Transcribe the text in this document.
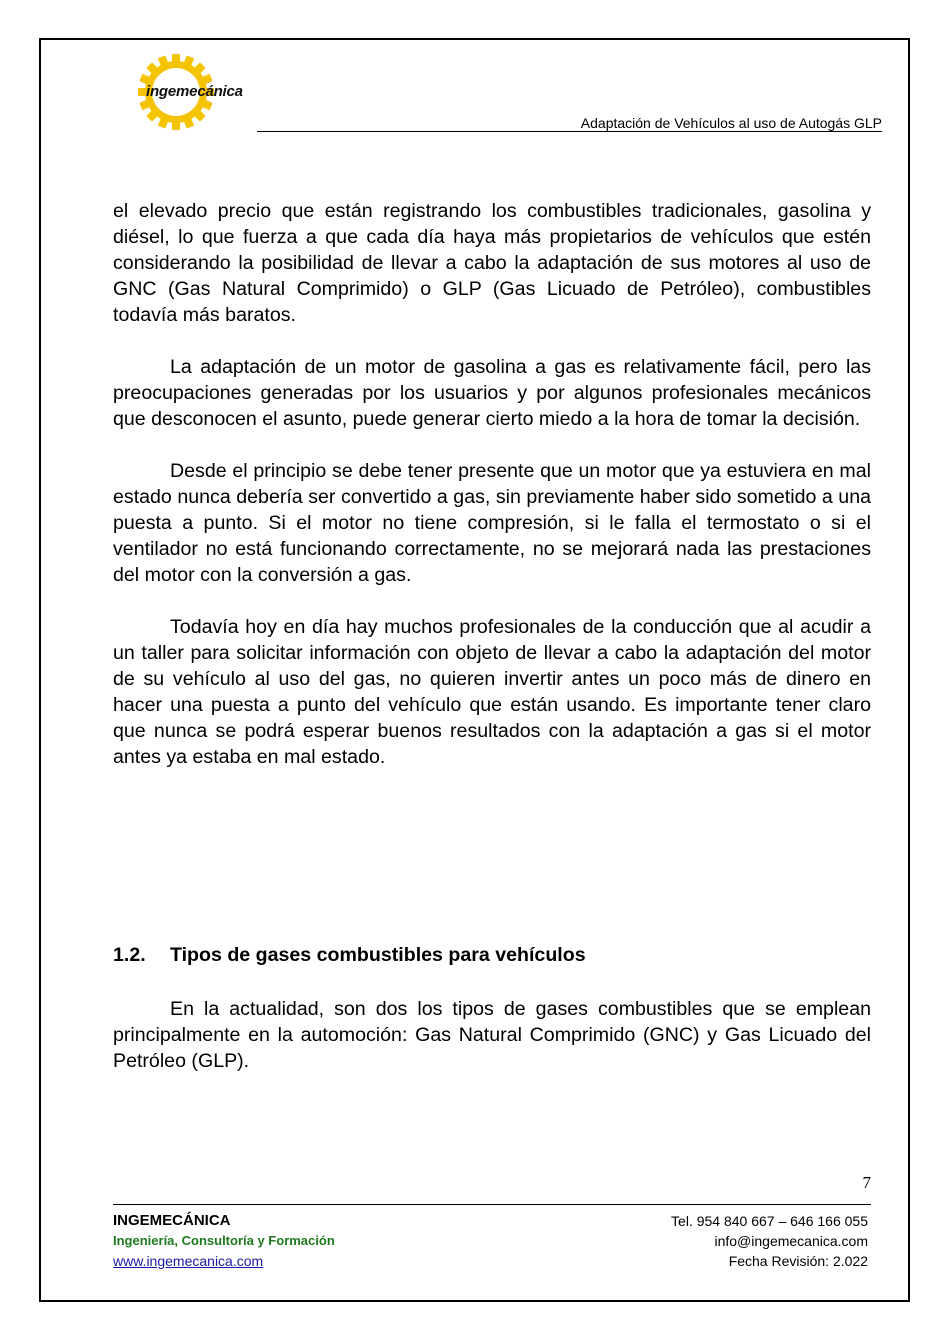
ingemecánica
Adaptación de Vehículos al uso de Autogás GLP

el elevado precio que están registrando los combustibles tradicionales, gasolina y diésel, lo que fuerza a que cada día haya más propietarios de vehículos que estén considerando la posibilidad de llevar a cabo la adaptación de sus motores al uso de GNC (Gas Natural Comprimido) o GLP (Gas Licuado de Petróleo), combustibles todavía más baratos.

La adaptación de un motor de gasolina a gas es relativamente fácil, pero las preocupaciones generadas por los usuarios y por algunos profesionales mecánicos que desconocen el asunto, puede generar cierto miedo a la hora de tomar la decisión.

Desde el principio se debe tener presente que un motor que ya estuviera en mal estado nunca debería ser convertido a gas, sin previamente haber sido sometido a una puesta a punto. Si el motor no tiene compresión, si le falla el termostato o si el ventilador no está funcionando correctamente, no se mejorará nada las prestaciones del motor con la conversión a gas.

Todavía hoy en día hay muchos profesionales de la conducción que al acudir a un taller para solicitar información con objeto de llevar a cabo la adaptación del motor de su vehículo al uso del gas, no quieren invertir antes un poco más de dinero en hacer una puesta a punto del vehículo que están usando. Es importante tener claro que nunca se podrá esperar buenos resultados con la adaptación a gas si el motor antes ya estaba en mal estado.

1.2. Tipos de gases combustibles para vehículos

En la actualidad, son dos los tipos de gases combustibles que se emplean principalmente en la automoción: Gas Natural Comprimido (GNC) y Gas Licuado del Petróleo (GLP).

7
INGEMECÁNICA
Ingeniería, Consultoría y Formación
www.ingemecanica.com
Tel. 954 840 667 – 646 166 055
info@ingemecanica.com
Fecha Revisión: 2.022
